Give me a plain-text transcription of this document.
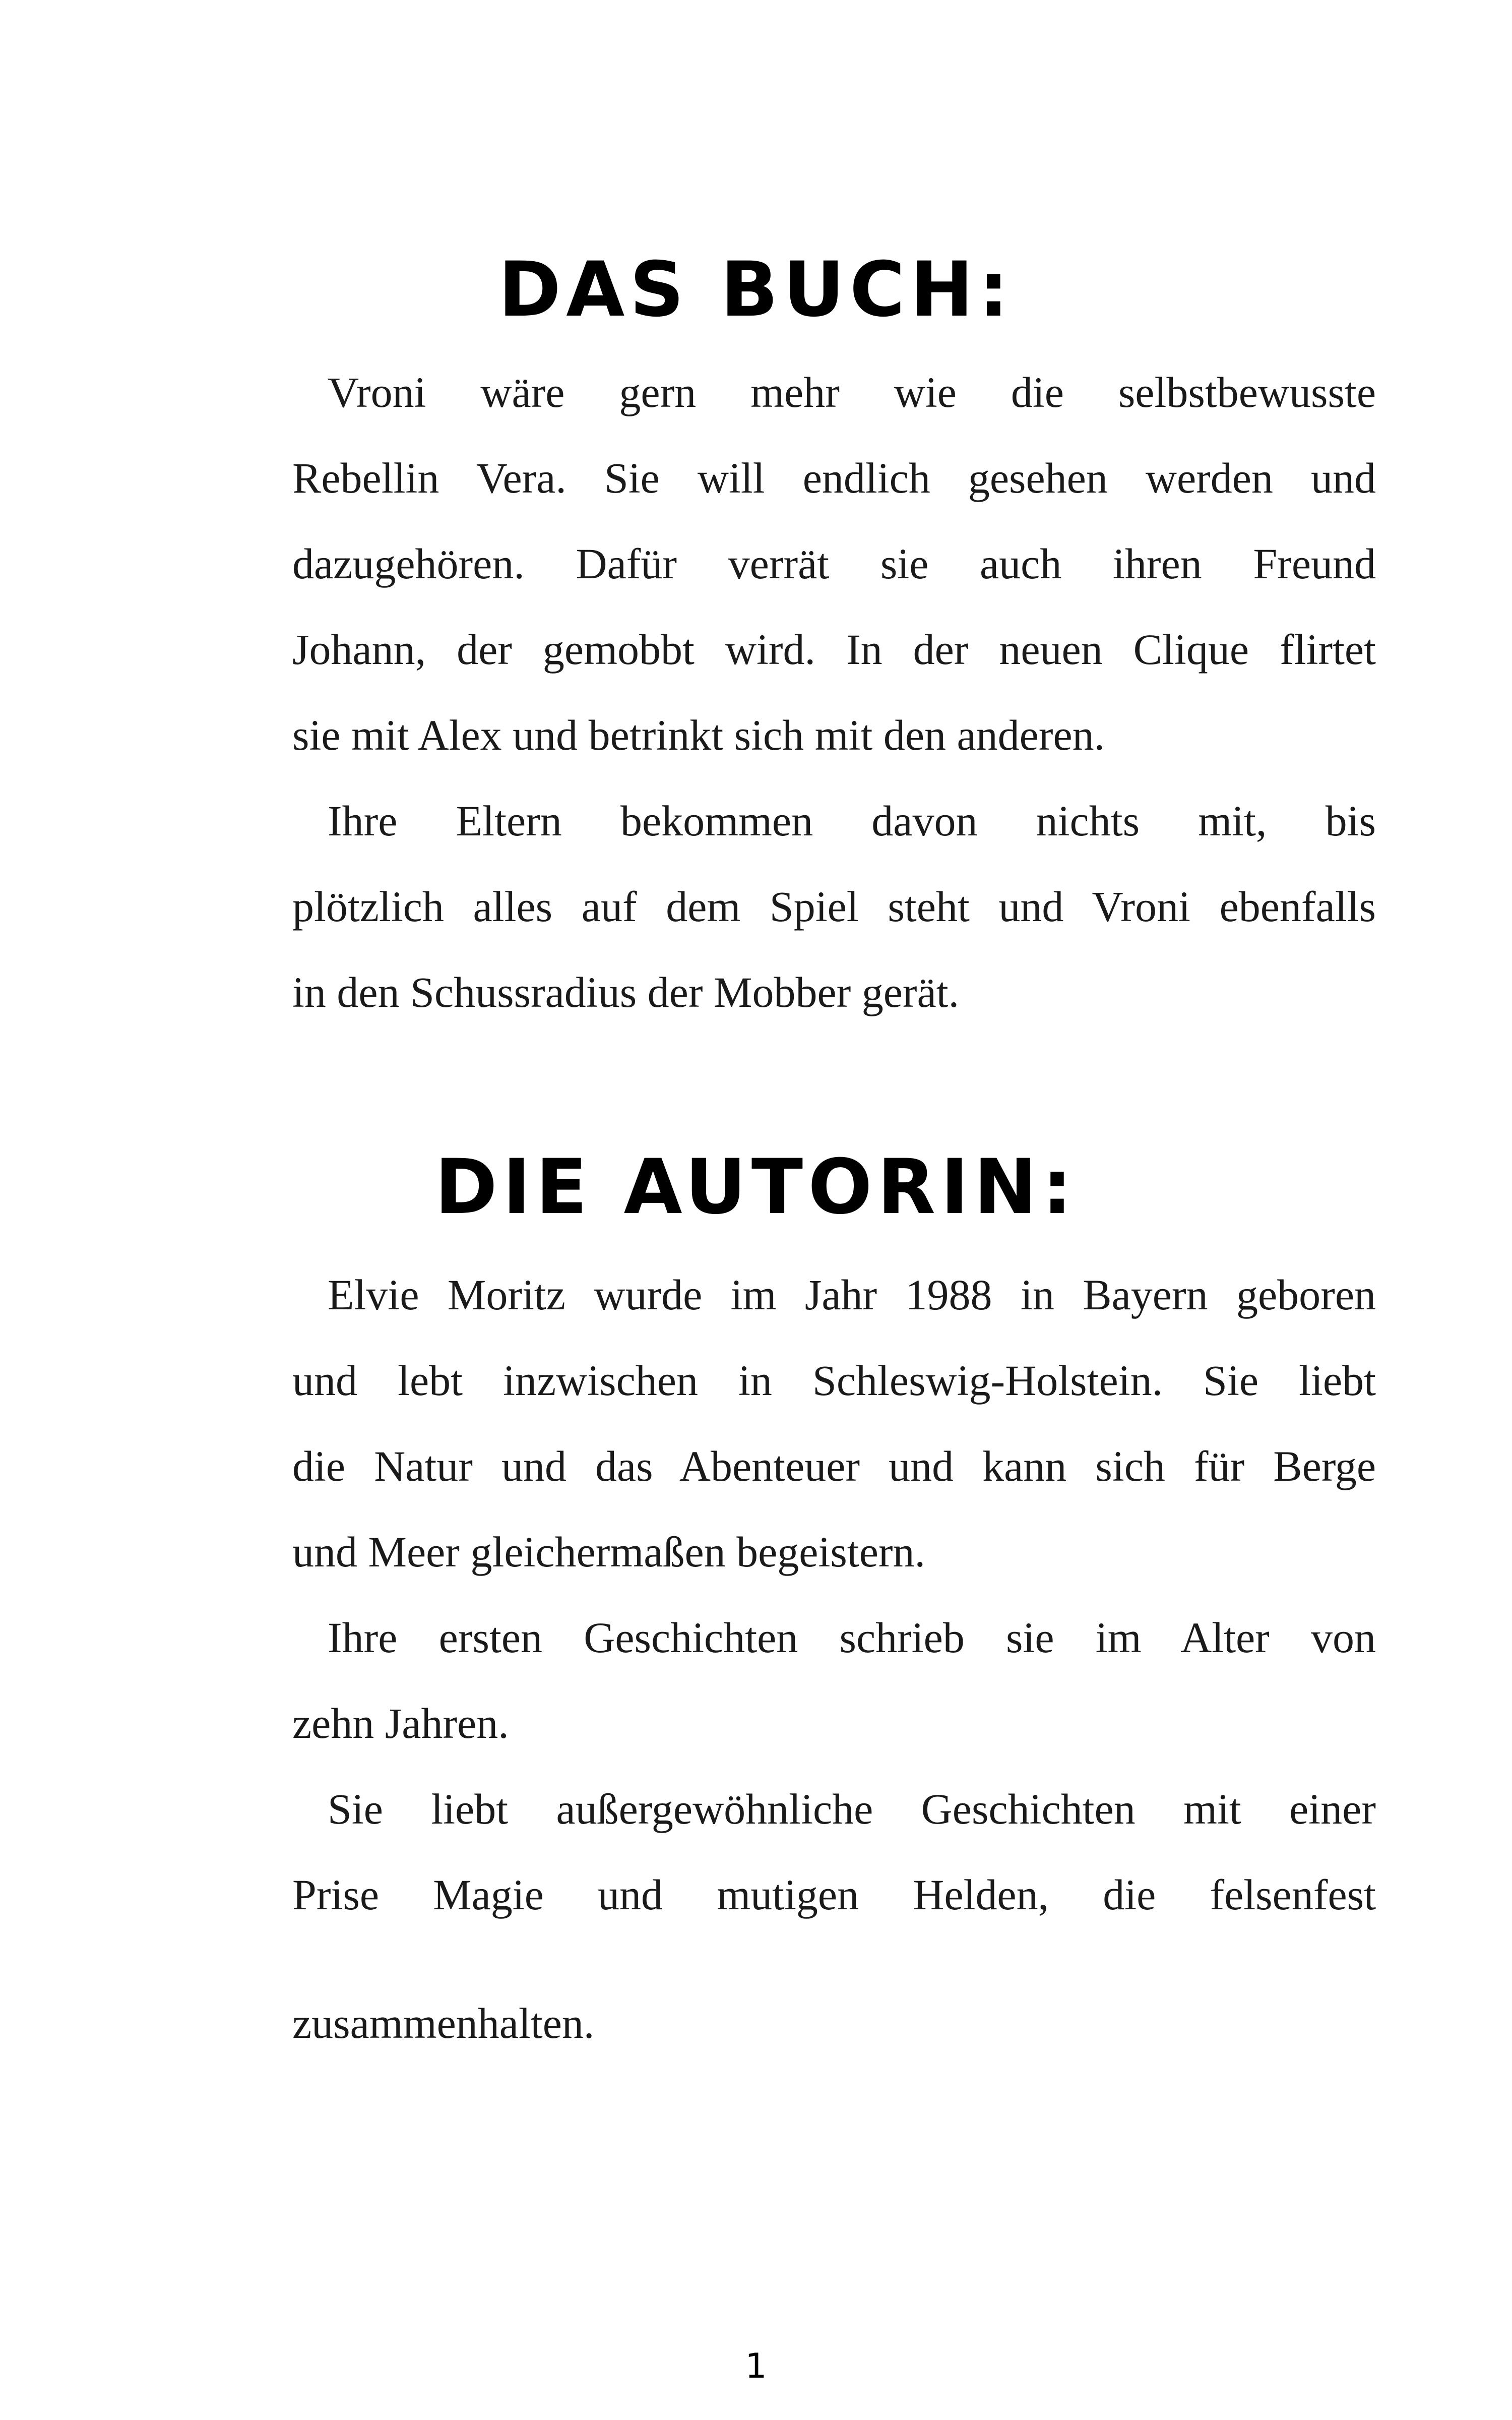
DAS BUCH:
Vroni wäre gern mehr wie die selbstbewusste
Rebellin Vera. Sie will endlich gesehen werden und
dazugehören. Dafür verrät sie auch ihren Freund
Johann, der gemobbt wird. In der neuen Clique flirtet
sie mit Alex und betrinkt sich mit den anderen.
Ihre Eltern bekommen davon nichts mit, bis
plötzlich alles auf dem Spiel steht und Vroni ebenfalls
in den Schussradius der Mobber gerät.
DIE AUTORIN:
Elvie Moritz wurde im Jahr 1988 in Bayern geboren
und lebt inzwischen in Schleswig-Holstein. Sie liebt
die Natur und das Abenteuer und kann sich für Berge
und Meer gleichermaßen begeistern.
Ihre ersten Geschichten schrieb sie im Alter von
zehn Jahren.
Sie liebt außergewöhnliche Geschichten mit einer
Prise Magie und mutigen Helden, die felsenfest
zusammenhalten.
1
